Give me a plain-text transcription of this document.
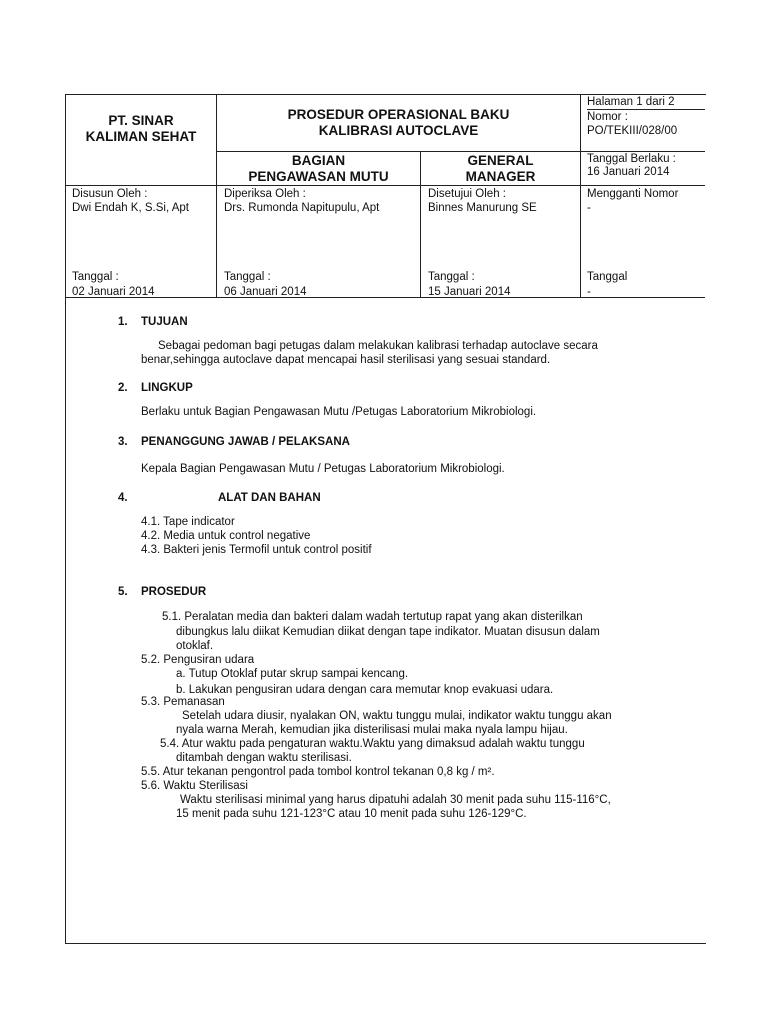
PT. SINAR
KALIMAN SEHAT
PROSEDUR OPERASIONAL BAKU
KALIBRASI AUTOCLAVE
Halaman 1 dari 2
Nomor :
PO/TEKIII/028/00
BAGIAN
PENGAWASAN MUTU
GENERAL
MANAGER
Tanggal Berlaku :
16 Januari 2014
Disusun Oleh :
Dwi Endah K, S.Si, Apt
Tanggal :
02 Januari 2014
Diperiksa Oleh :
Drs. Rumonda Napitupulu, Apt
Tanggal :
06 Januari 2014
Disetujui Oleh :
Binnes Manurung SE
Tanggal :
15 Januari 2014
Mengganti Nomor
-
Tanggal
-
1. TUJUAN
Sebagai pedoman bagi petugas dalam melakukan kalibrasi terhadap autoclave secara
benar,sehingga autoclave dapat mencapai hasil sterilisasi yang sesuai standard.
2. LINGKUP
Berlaku untuk Bagian Pengawasan Mutu /Petugas Laboratorium Mikrobiologi.
3. PENANGGUNG JAWAB / PELAKSANA
Kepala Bagian Pengawasan Mutu / Petugas Laboratorium Mikrobiologi.
4.	ALAT DAN BAHAN
4.1. Tape indicator
4.2. Media untuk control negative
4.3. Bakteri jenis Termofil untuk control positif
5. PROSEDUR
5.1. Peralatan media dan bakteri dalam wadah tertutup rapat yang akan disterilkan
dibungkus lalu diikat Kemudian diikat dengan tape indikator. Muatan disusun dalam
otoklaf.
5.2. Pengusiran udara
a. Tutup Otoklaf putar skrup sampai kencang.
b. Lakukan pengusiran udara dengan cara memutar knop evakuasi udara.
5.3. Pemanasan
Setelah udara diusir, nyalakan ON, waktu tunggu mulai, indikator waktu tunggu akan
nyala warna Merah, kemudian jika disterilisasi mulai maka nyala lampu hijau.
5.4. Atur waktu pada pengaturan waktu.Waktu yang dimaksud adalah waktu tunggu
ditambah dengan waktu sterilisasi.
5.5. Atur tekanan pengontrol pada tombol kontrol tekanan 0,8 kg / m².
5.6. Waktu Sterilisasi
Waktu sterilisasi minimal yang harus dipatuhi adalah 30 menit pada suhu 115-116°C,
15 menit pada suhu 121-123°C atau 10 menit pada suhu 126-129°C.
